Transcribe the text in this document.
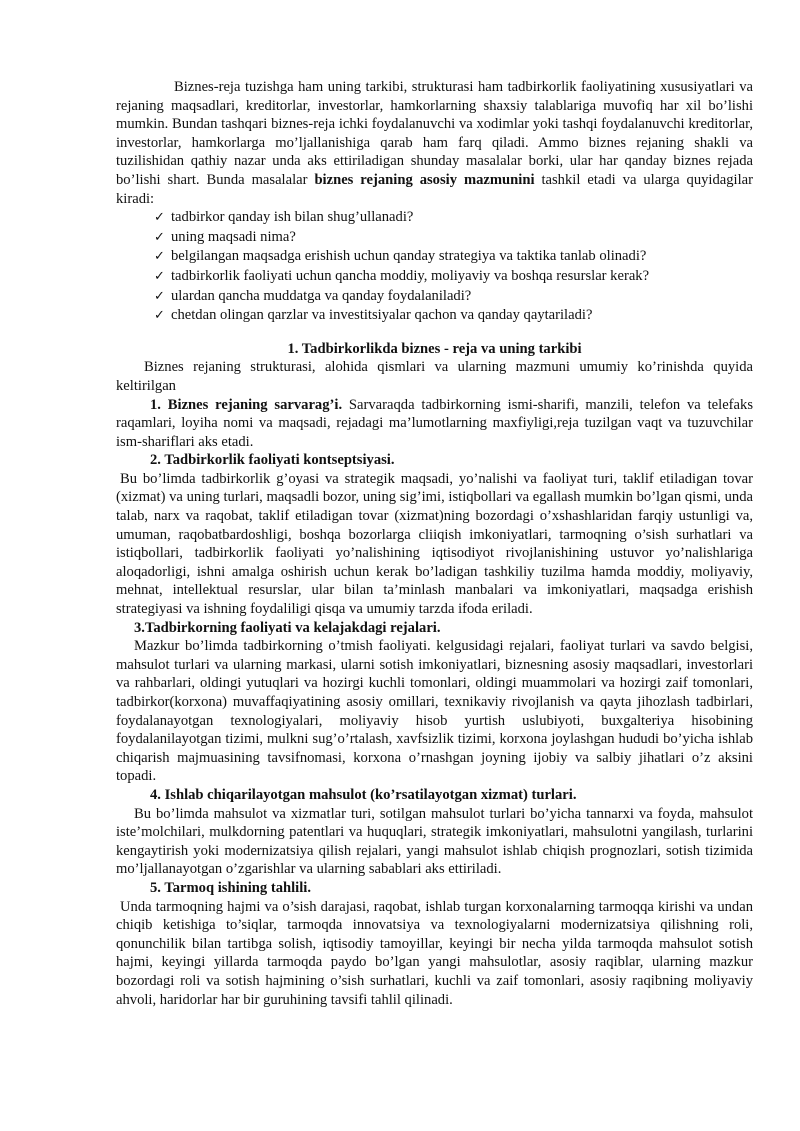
Biznes-reja tuzishga ham uning tarkibi, strukturasi ham tadbirkorlik faoliyatining xususiyatlari va rejaning maqsadlari, kreditorlar, investorlar, hamkorlarning shaxsiy talablariga muvofiq har xil bo’lishi mumkin. Bundan tashqari biznes-reja ichki foydalanuvchi va xodimlar yoki tashqi foydalanuvchi kreditorlar, investorlar, hamkorlarga mo’ljallanishiga qarab ham farq qiladi. Ammo biznes rejaning shakli va tuzilishidan qathiy nazar unda aks ettiriladigan shunday masalalar borki, ular har qanday biznes rejada bo’lishi shart. Bunda masalalar biznes rejaning asosiy mazmunini tashkil etadi va ularga quyidagilar kiradi:

✓ tadbirkor qanday ish bilan shug’ullanadi?
✓ uning maqsadi nima?
✓ belgilangan maqsadga erishish uchun qanday strategiya va taktika tanlab olinadi?
✓ tadbirkorlik faoliyati uchun qancha moddiy, moliyaviy va boshqa resurslar kerak?
✓ ulardan qancha muddatga va qanday foydalaniladi?
✓ chetdan olingan qarzlar va investitsiyalar qachon va qanday qaytariladi?
1. Tadbirkorlikda biznes - reja va uning tarkibi

Biznes rejaning strukturasi, alohida qismlari va ularning mazmuni umumiy ko’rinishda quyida keltirilgan

1. Biznes rejaning sarvarag’i. Sarvaraqda tadbirkorning ismi-sharifi, manzili, telefon va telefaks raqamlari, loyiha nomi va maqsadi, rejadagi ma’lumotlarning maxfiyligi,reja tuzilgan vaqt va tuzuvchilar ism-shariflari aks etadi.

2. Tadbirkorlik faoliyati kontseptsiyasi.

Bu bo’limda tadbirkorlik g’oyasi va strategik maqsadi, yo’nalishi va faoliyat turi, taklif etiladigan tovar (xizmat) va uning turlari, maqsadli bozor, uning sig’imi, istiqbollari va egallash mumkin bo’lgan qismi, unda talab, narx va raqobat, taklif etiladigan tovar (xizmat)ning bozordagi o’xshashlaridan farqiy ustunligi va, umuman, raqobatbardoshligi, boshqa bozorlarga cliiqish imkoniyatlari, tarmoqning o’sish surhatlari va istiqbollari, tadbirkorlik faoliyati yo’nalishining iqtisodiyot rivojlanishining ustuvor yo’nalishlariga aloqadorligi, ishni amalga oshirish uchun kerak bo’ladigan tashkiliy tuzilma hamda moddiy, moliyaviy, mehnat, intellektual resurslar, ular bilan ta’minlash manbalari va imkoniyatlari, maqsadga erishish strategiyasi va ishning foydaliligi qisqa va umumiy tarzda ifoda eriladi.

3.Tadbirkorning faoliyati va kelajakdagi rejalari.

Mazkur bo’limda tadbirkorning o’tmish faoliyati. kelgusidagi rejalari, faoliyat turlari va savdo belgisi, mahsulot turlari va ularning markasi, ularni sotish imkoniyatlari, biznesning asosiy maqsadlari, investorlari va rahbarlari, oldingi yutuqlari va hozirgi kuchli tomonlari, oldingi muammolari va hozirgi zaif tomonlari, tadbirkor(korxona) muvaffaqiyatining asosiy omillari, texnikaviy rivojlanish va qayta jihozlash tadbirlari, foydalanayotgan texnologiyalari, moliyaviy hisob yurtish uslubiyoti, buxgalteriya hisobining foydalanilayotgan tizimi, mulkni sug’o’rtalash, xavfsizlik tizimi, korxona joylashgan hududi bo’yicha ishlab chiqarish majmuasining tavsifnomasi, korxona o’rnashgan joyning ijobiy va salbiy jihatlari o’z aksini topadi.

4. Ishlab chiqarilayotgan mahsulot (ko’rsatilayotgan xizmat) turlari.

Bu bo’limda mahsulot va xizmatlar turi, sotilgan mahsulot turlari bo’yicha tannarxi va foyda, mahsulot iste’molchilari, mulkdorning patentlari va huquqlari, strategik imkoniyatlari, mahsulotni yangilash, turlarini kengaytirish yoki modernizatsiya qilish rejalari, yangi mahsulot ishlab chiqish prognozlari, sotish tizimida mo’ljallanayotgan o’zgarishlar va ularning sabablari aks ettiriladi.

5. Tarmoq ishining tahlili.

Unda tarmoqning hajmi va o’sish darajasi, raqobat, ishlab turgan korxonalarning tarmoqqa kirishi va undan chiqib ketishiga to’siqlar, tarmoqda innovatsiya va texnologiyalarni modernizatsiya qilishning roli, qonunchilik bilan tartibga solish, iqtisodiy tamoyillar, keyingi bir necha yilda tarmoqda mahsulot sotish hajmi, keyingi yillarda tarmoqda paydo bo’lgan yangi mahsulotlar, asosiy raqiblar, ularning mazkur bozordagi roli va sotish hajmining o’sish surhatlari, kuchli va zaif tomonlari, asosiy raqibning moliyaviy ahvoli, haridorlar har bir guruhining tavsifi tahlil qilinadi.
